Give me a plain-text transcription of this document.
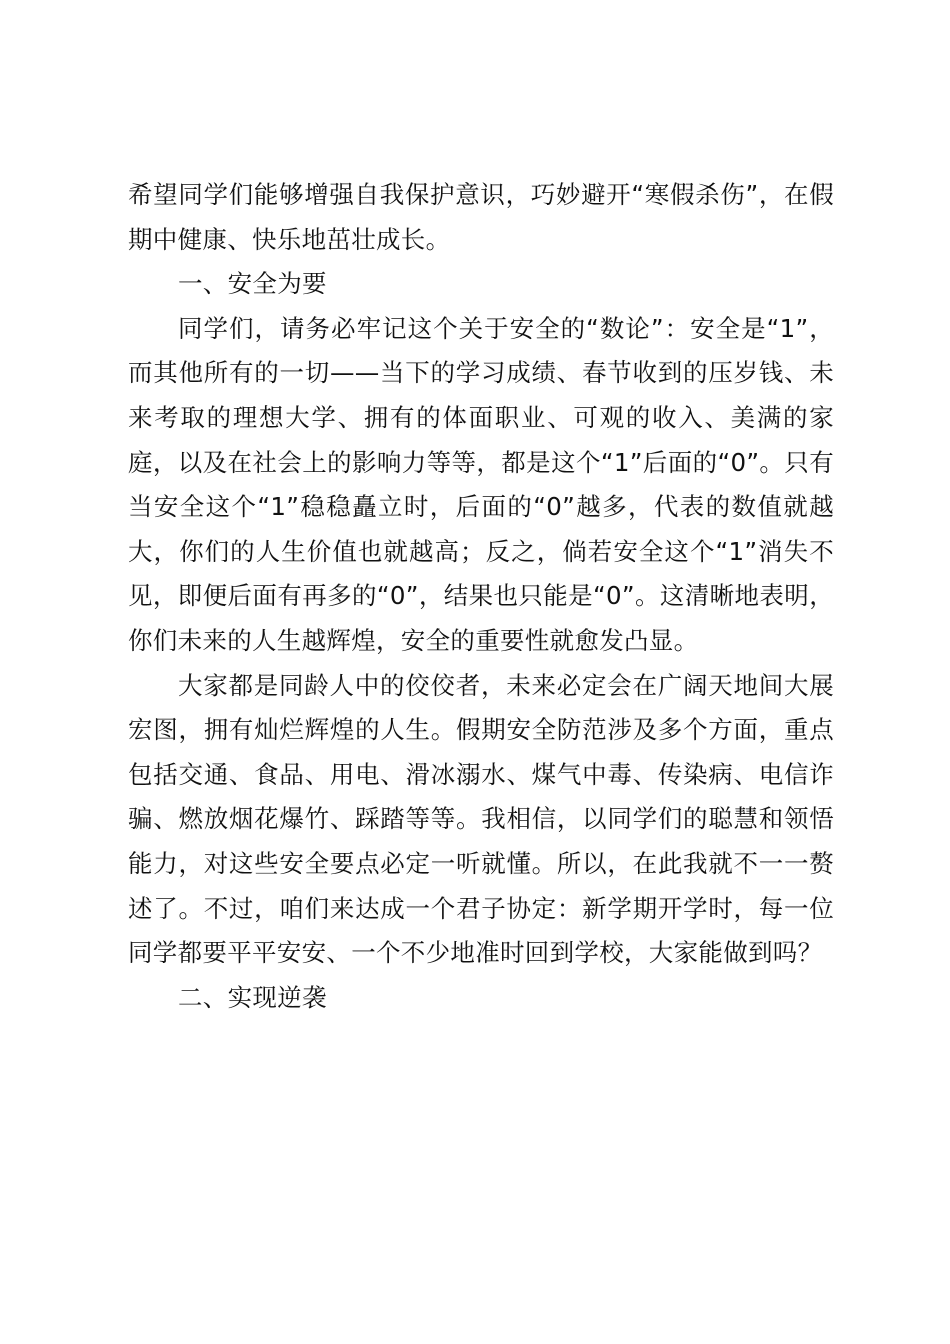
希望同学们能够增强自我保护意识，巧妙避开“寒假杀伤”，在假期中健康、快乐地茁壮成长。

一、安全为要

同学们，请务必牢记这个关于安全的“数论”：安全是“1”，而其他所有的一切——当下的学习成绩、春节收到的压岁钱、未来考取的理想大学、拥有的体面职业、可观的收入、美满的家庭，以及在社会上的影响力等等，都是这个“1”后面的“0”。只有当安全这个“1”稳稳矗立时，后面的“0”越多，代表的数值就越大，你们的人生价值也就越高；反之，倘若安全这个“1”消失不见，即便后面有再多的“0”，结果也只能是“0”。这清晰地表明，你们未来的人生越辉煌，安全的重要性就愈发凸显。

大家都是同龄人中的佼佼者，未来必定会在广阔天地间大展宏图，拥有灿烂辉煌的人生。假期安全防范涉及多个方面，重点包括交通、食品、用电、滑冰溺水、煤气中毒、传染病、电信诈骗、燃放烟花爆竹、踩踏等等。我相信，以同学们的聪慧和领悟能力，对这些安全要点必定一听就懂。所以，在此我就不一一赘述了。不过，咱们来达成一个君子协定：新学期开学时，每一位同学都要平平安安、一个不少地准时回到学校，大家能做到吗？

二、实现逆袭
